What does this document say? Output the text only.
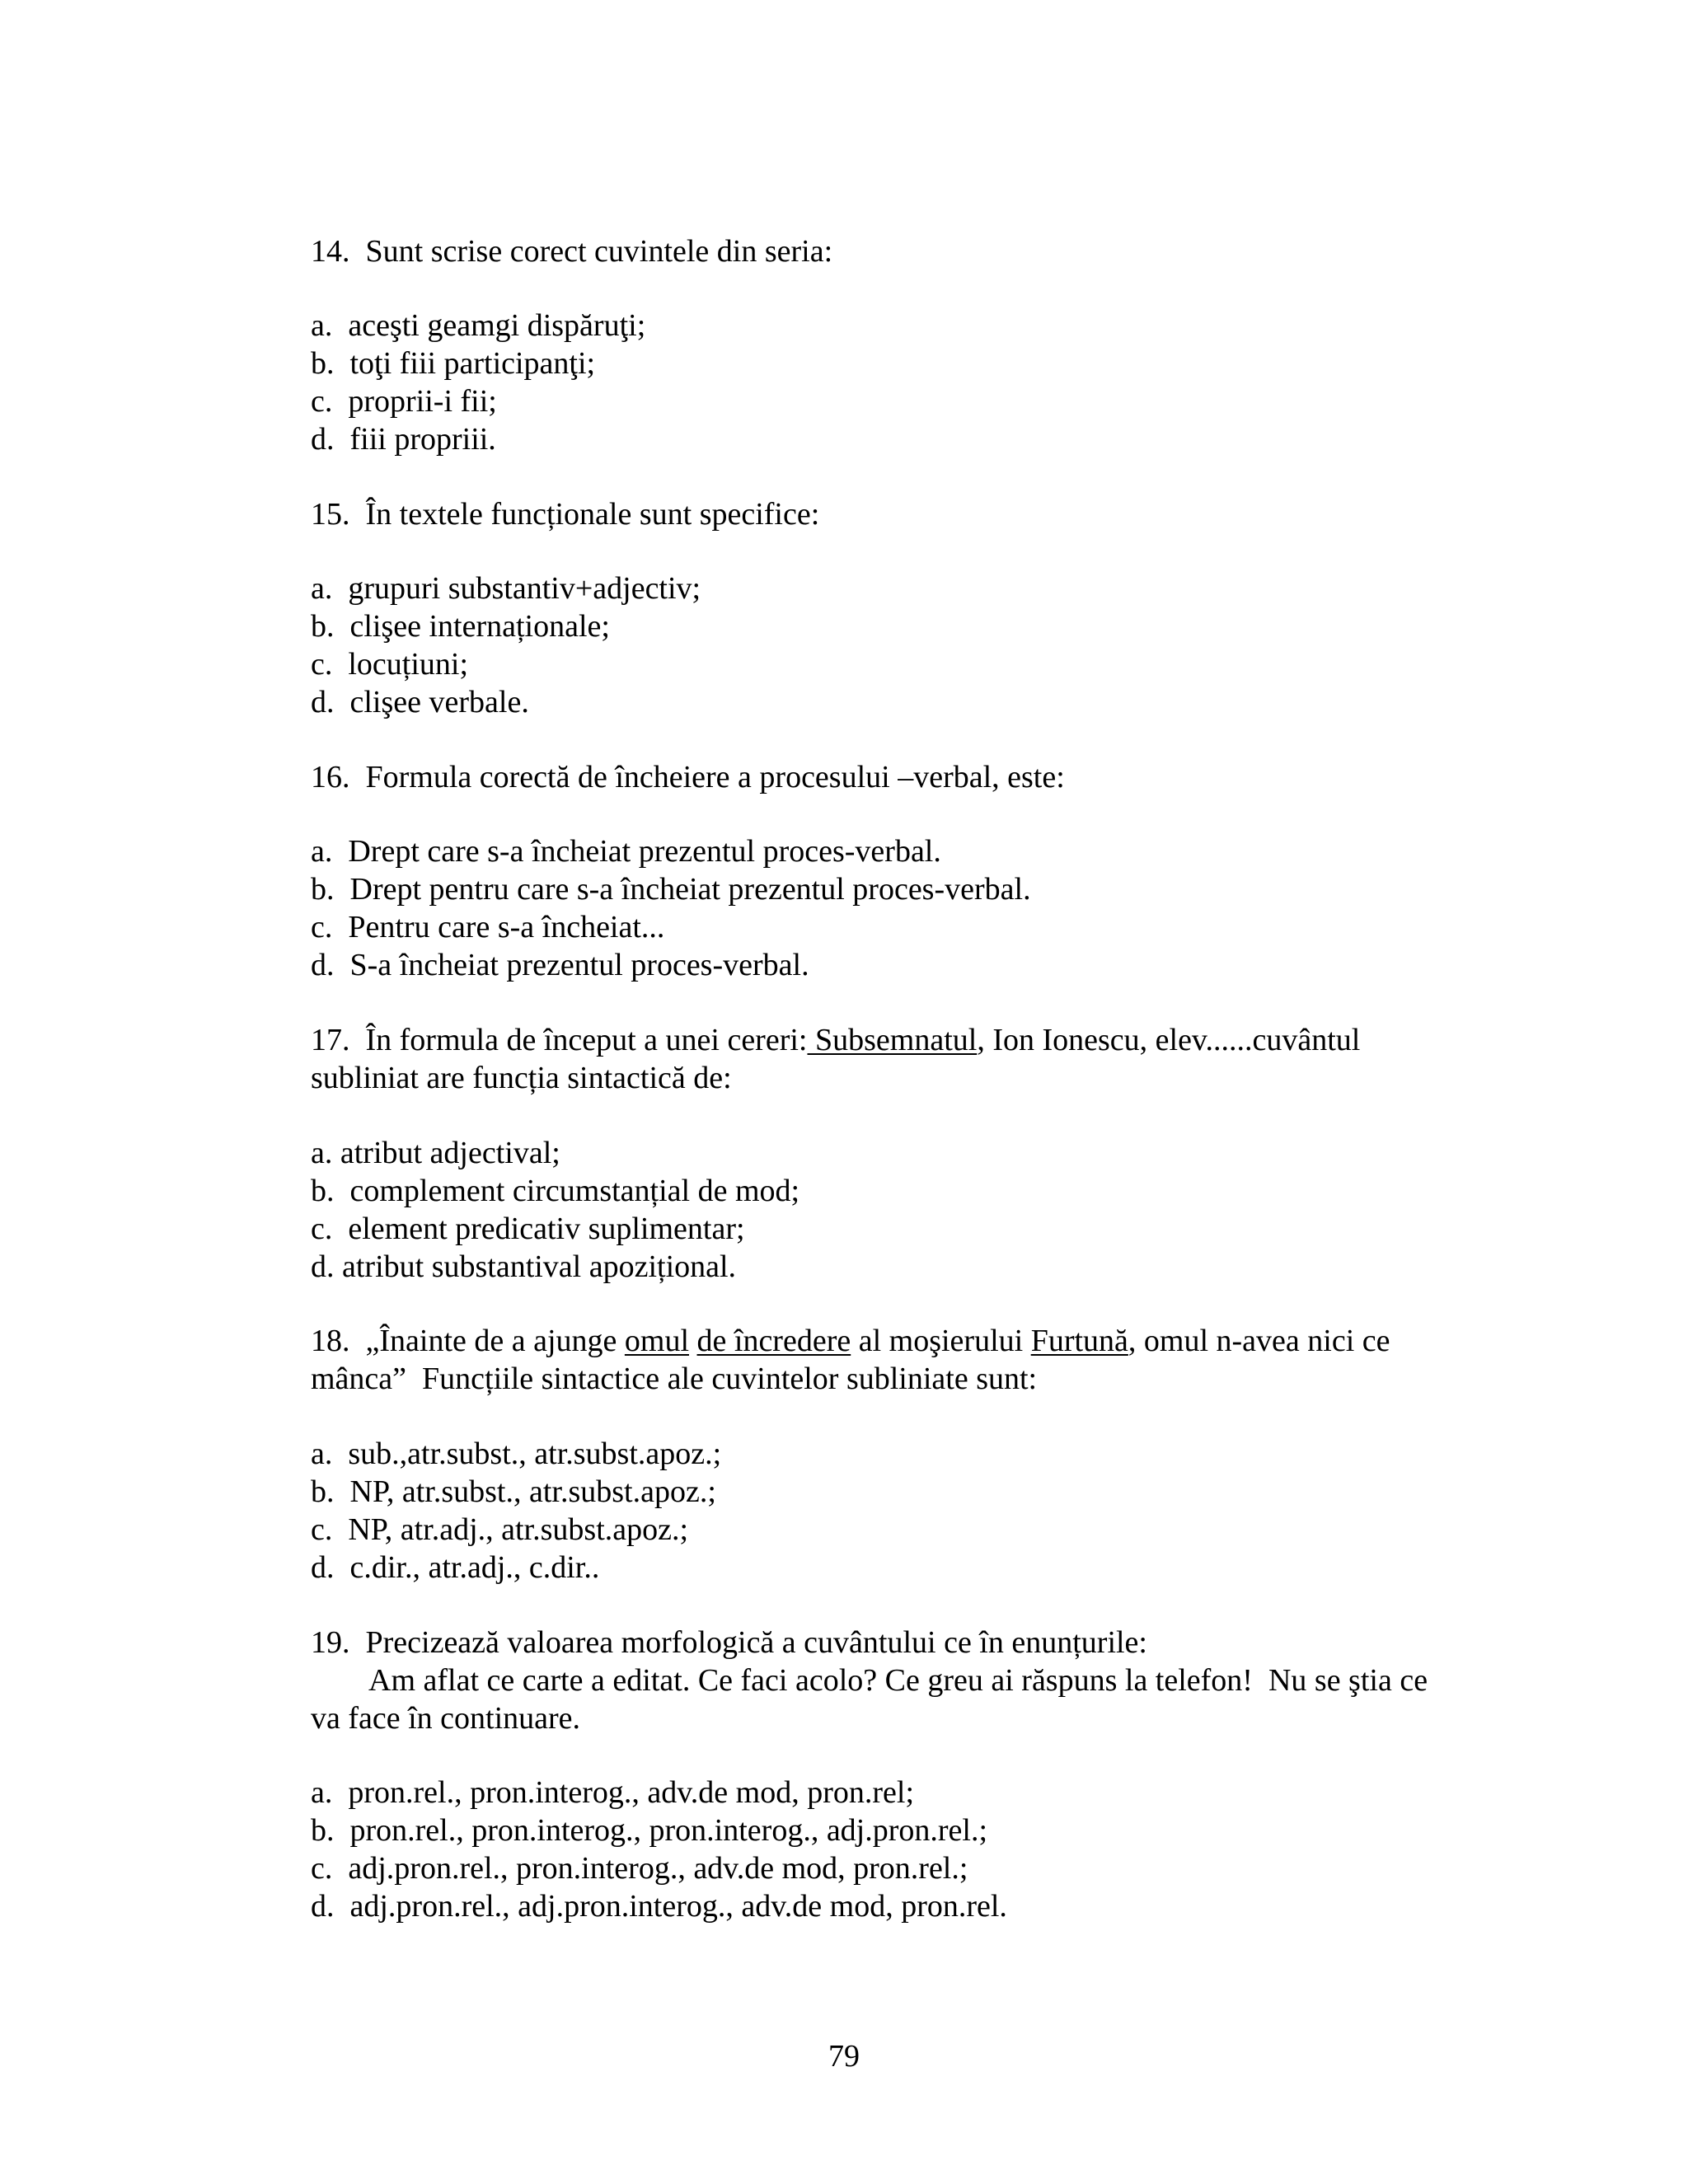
14.  Sunt scrise corect cuvintele din seria:
a.  aceşti geamgi dispăruţi;
b.  toţi fiii participanţi;
c.  proprii-i fii;
d.  fiii propriii.
15.  În textele funcționale sunt specifice:
a.  grupuri substantiv+adjectiv;
b.  clişee internaționale;
c.  locuțiuni;
d.  clişee verbale.
16.  Formula corectă de încheiere a procesului –verbal, este:
a.  Drept care s-a încheiat prezentul proces-verbal.
b.  Drept pentru care s-a încheiat prezentul proces-verbal.
c.  Pentru care s-a încheiat...
d.  S-a încheiat prezentul proces-verbal.
17.  În formula de început a unei cereri: Subsemnatul, Ion Ionescu, elev......cuvântul
subliniat are funcția sintactică de:
a. atribut adjectival;
b.  complement circumstanțial de mod;
c.  element predicativ suplimentar;
d. atribut substantival apozițional.
18.  „Înainte de a ajunge omul de încredere al moşierului Furtună, omul n-avea nici ce
mânca”  Funcțiile sintactice ale cuvintelor subliniate sunt:
a.  sub.,atr.subst., atr.subst.apoz.;
b.  NP, atr.subst., atr.subst.apoz.;
c.  NP, atr.adj., atr.subst.apoz.;
d.  c.dir., atr.adj., c.dir..
19.  Precizează valoarea morfologică a cuvântului ce în enunțurile:
Am aflat ce carte a editat. Ce faci acolo? Ce greu ai răspuns la telefon!  Nu se ştia ce
va face în continuare.
a.  pron.rel., pron.interog., adv.de mod, pron.rel;
b.  pron.rel., pron.interog., pron.interog., adj.pron.rel.;
c.  adj.pron.rel., pron.interog., adv.de mod, pron.rel.;
d.  adj.pron.rel., adj.pron.interog., adv.de mod, pron.rel.
79
